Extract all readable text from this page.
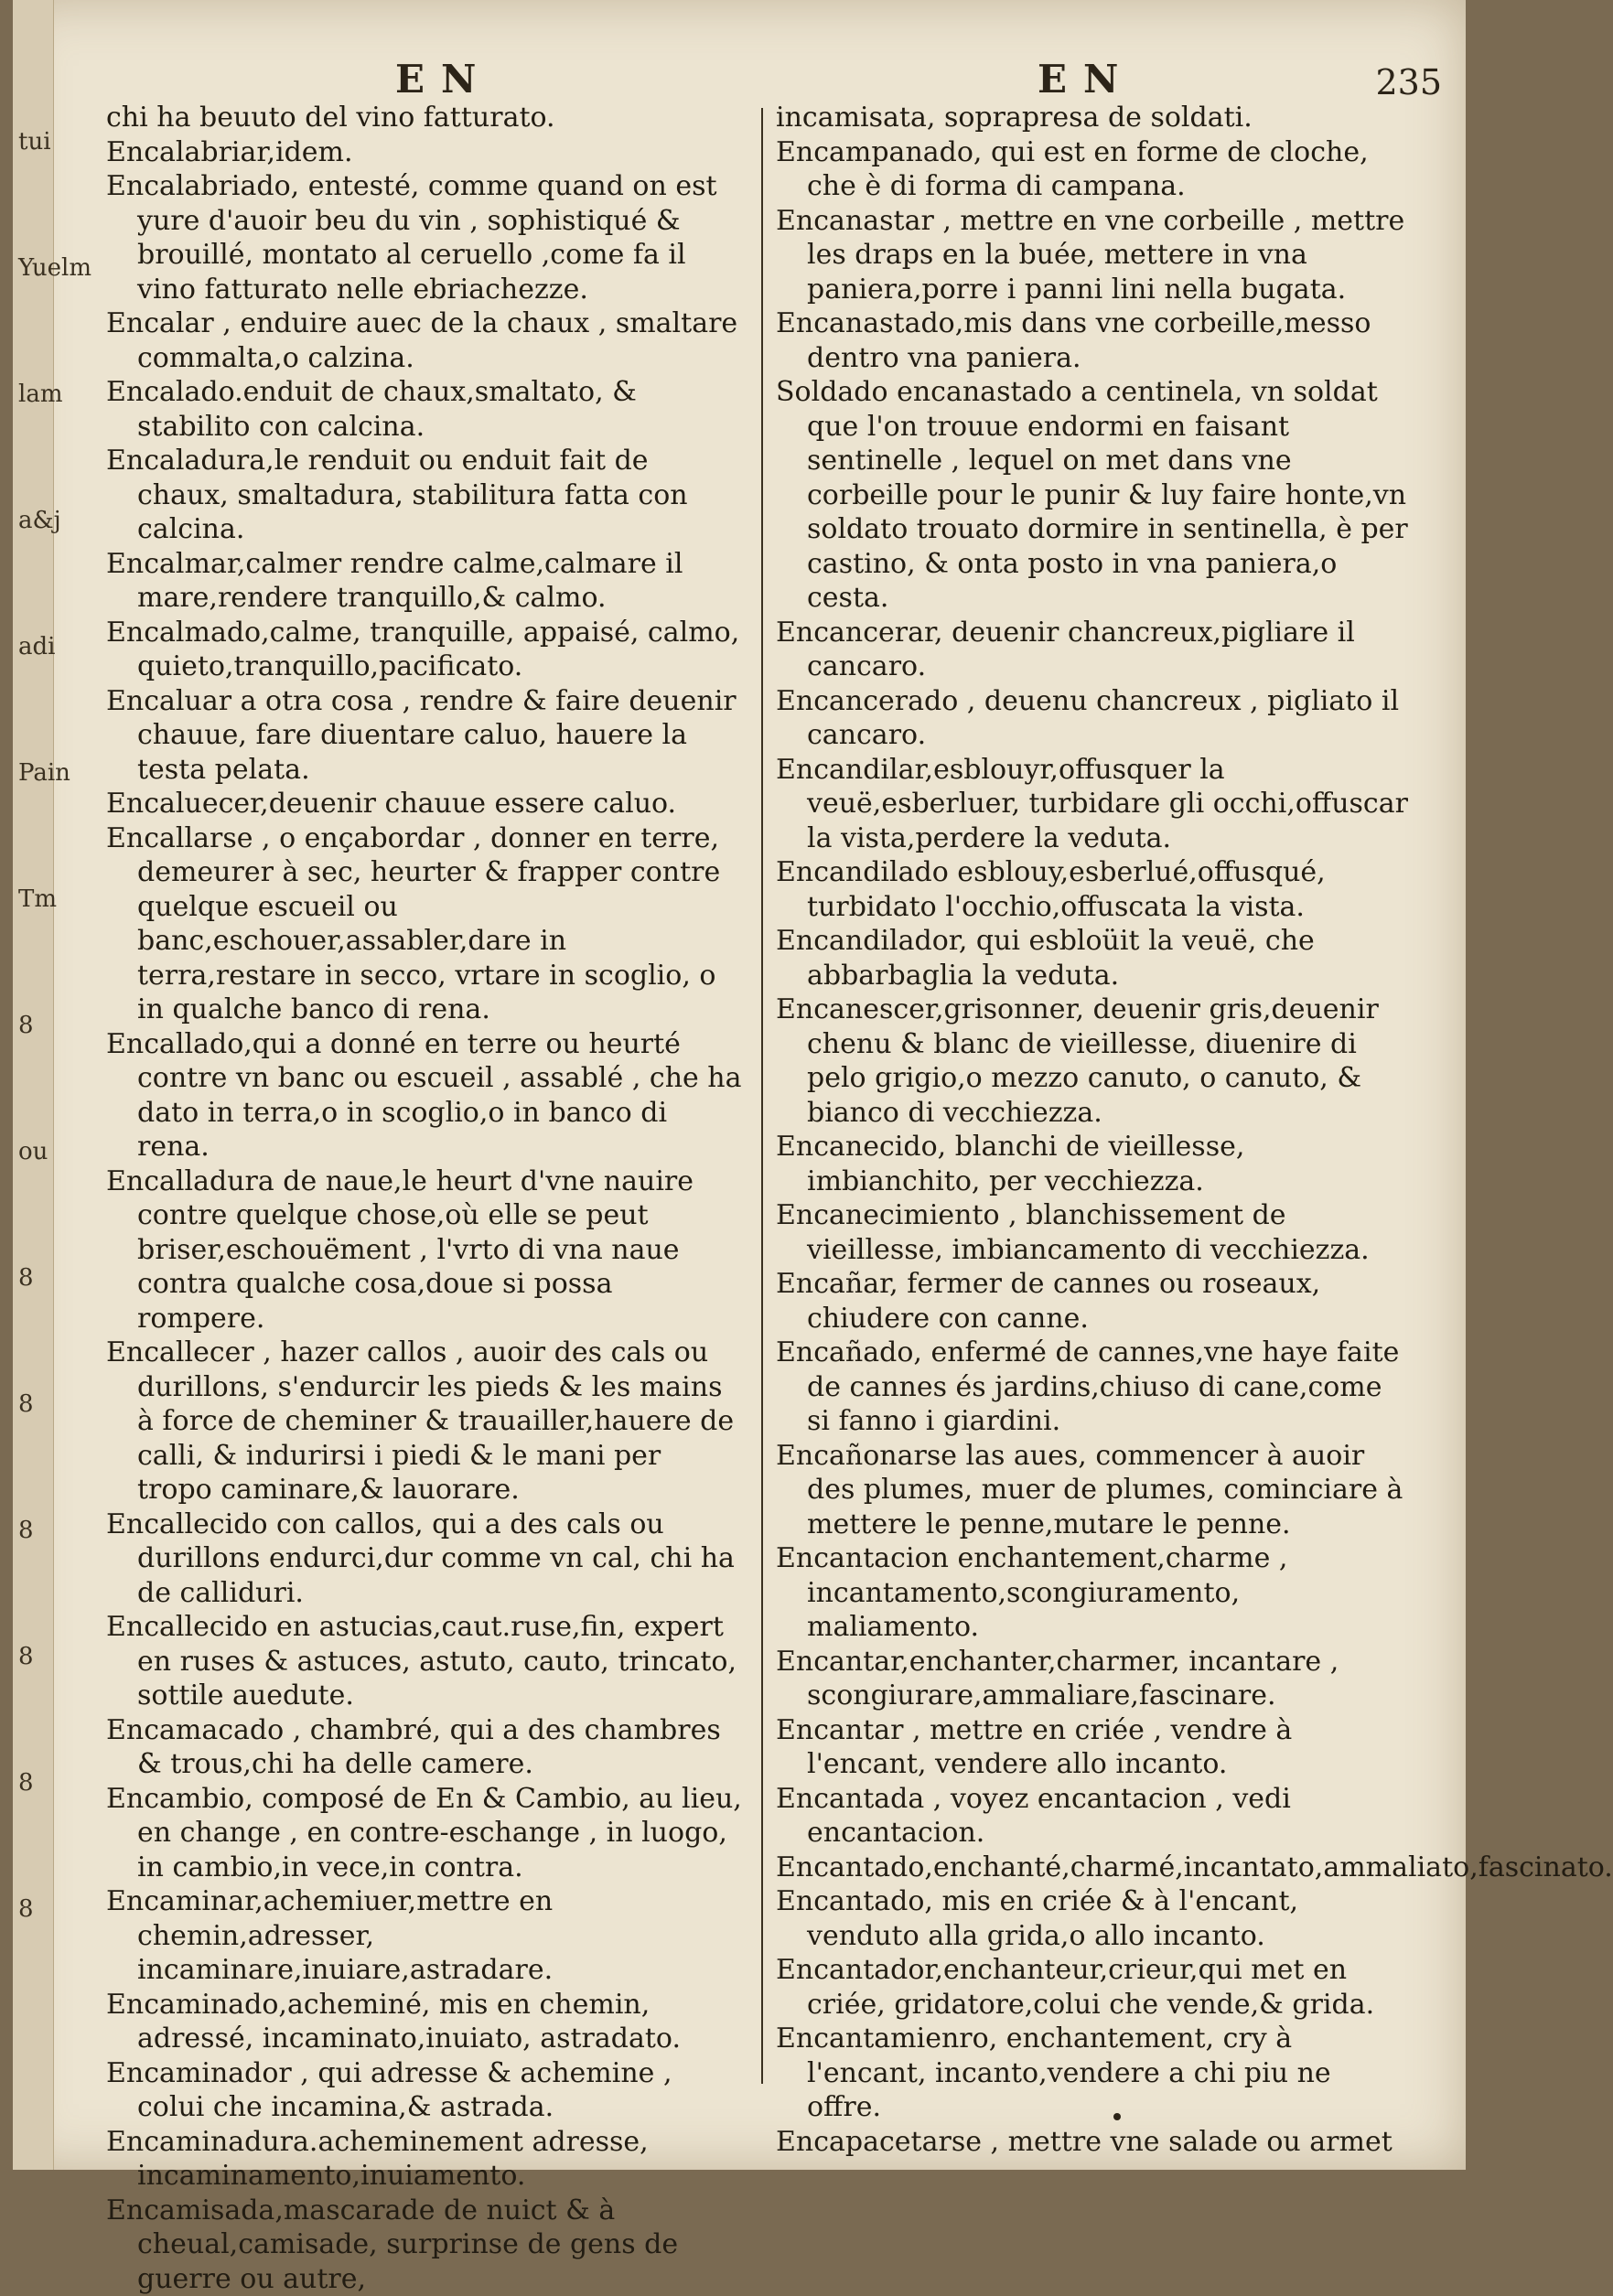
EN	EN	235
chi ha beuuto del vino fatturato.
Encalabriar,idem.
Encalabriado, entesté, comme quand on est yure d'auoir beu du vin , sophistiqué & brouillé, montato al ceruello ,come fa il vino fatturato nelle ebriachezze.
Encalar , enduire auec de la chaux , smaltare commalta,o calzina.
Encalado.enduit de chaux,smaltato, & stabilito con calcina.
Encaladura,le renduit ou enduit fait de chaux, smaltadura, stabilitura fatta con calcina.
Encalmar,calmer rendre calme,calmare il mare,rendere tranquillo,& calmo.
Encalmado,calme, tranquille, appaisé, calmo, quieto,tranquillo,pacificato.
Encaluar a otra cosa , rendre & faire deuenir chauue, fare diuentare caluo, hauere la testa pelata.
Encaluecer,deuenir chauue essere caluo.
Encallarse , o ençabordar , donner en terre, demeurer à sec, heurter & frapper contre quelque escueil ou banc,eschouer,assabler,dare in terra,restare in secco, vrtare in scoglio, o in qualche banco di rena.
Encallado,qui a donné en terre ou heurté contre vn banc ou escueil , assablé , che ha dato in terra,o in scoglio,o in banco di rena.
Encalladura de naue,le heurt d'vne nauire contre quelque chose,où elle se peut briser,eschouëment , l'vrto di vna naue contra qualche cosa,doue si possa rompere.
Encallecer , hazer callos , auoir des cals ou durillons, s'endurcir les pieds & les mains à force de cheminer & trauailler,hauere de calli, & indurirsi i piedi & le mani per tropo caminare,& lauorare.
Encallecido con callos, qui a des cals ou durillons endurci,dur comme vn cal, chi ha de calliduri.
Encallecido en astucias,caut.ruse,fin, expert en ruses & astuces, astuto, cauto, trincato, sottile auedute.
Encamacado , chambré, qui a des chambres & trous,chi ha delle camere.
Encambio, composé de En & Cambio, au lieu, en change , en contre-eschange , in luogo, in cambio,in vece,in contra.
Encaminar,achemiuer,mettre en chemin,adresser, incaminare,inuiare,astradare.
Encaminado,acheminé, mis en chemin, adressé, incaminato,inuiato, astradato.
Encaminador , qui adresse & achemine , colui che incamina,& astrada.
Encaminadura.acheminement adresse, incaminamento,inuiamento.
Encamisada,mascarade de nuict & à cheual,camisade, surprinse de gens de guerre ou autre,
incamisata, soprapresa de soldati.
Encampanado, qui est en forme de cloche, che è di forma di campana.
Encanastar , mettre en vne corbeille , mettre les draps en la buée, mettere in vna paniera,porre i panni lini nella bugata.
Encanastado,mis dans vne corbeille,messo dentro vna paniera.
Soldado encanastado a centinela, vn soldat que l'on trouue endormi en faisant sentinelle , lequel on met dans vne corbeille pour le punir & luy faire honte,vn soldato trouato dormire in sentinella, è per castino, & onta posto in vna paniera,o cesta.
Encancerar, deuenir chancreux,pigliare il cancaro.
Encancerado , deuenu chancreux , pigliato il cancaro.
Encandilar,esblouyr,offusquer la veuë,esberluer, turbidare gli occhi,offuscar la vista,perdere la veduta.
Encandilado esblouy,esberlué,offusqué, turbidato l'occhio,offuscata la vista.
Encandilador, qui esbloüit la veuë, che abbarbaglia la veduta.
Encanescer,grisonner, deuenir gris,deuenir chenu & blanc de vieillesse, diuenire di pelo grigio,o mezzo canuto, o canuto, & bianco di vecchiezza.
Encanecido, blanchi de vieillesse, imbianchito, per vecchiezza.
Encanecimiento , blanchissement de vieillesse, imbiancamento di vecchiezza.
Encañar, fermer de cannes ou roseaux, chiudere con canne.
Encañado, enfermé de cannes,vne haye faite de cannes és jardins,chiuso di cane,come si fanno i giardini.
Encañonarse las aues, commencer à auoir des plumes, muer de plumes, cominciare à mettere le penne,mutare le penne.
Encantacion enchantement,charme , incantamento,scongiuramento, maliamento.
Encantar,enchanter,charmer, incantare , scongiurare,ammaliare,fascinare.
Encantar , mettre en criée , vendre à l'encant, vendere allo incanto.
Encantada , voyez encantacion , vedi encantacion.
Encantado,enchanté,charmé,incantato,ammaliato,fascinato.
Encantado, mis en criée & à l'encant, venduto alla grida,o allo incanto.
Encantador,enchanteur,crieur,qui met en criée, gridatore,colui che vende,& grida.
Encantamienro, enchantement, cry à l'encant, incanto,vendere a chi piu ne offre.
Encapacetarse , mettre vne salade ou armet
tui
Yuelm
lam
a&j
adi
Pain
Tm
8
ou
8
8
8
8
8
8
